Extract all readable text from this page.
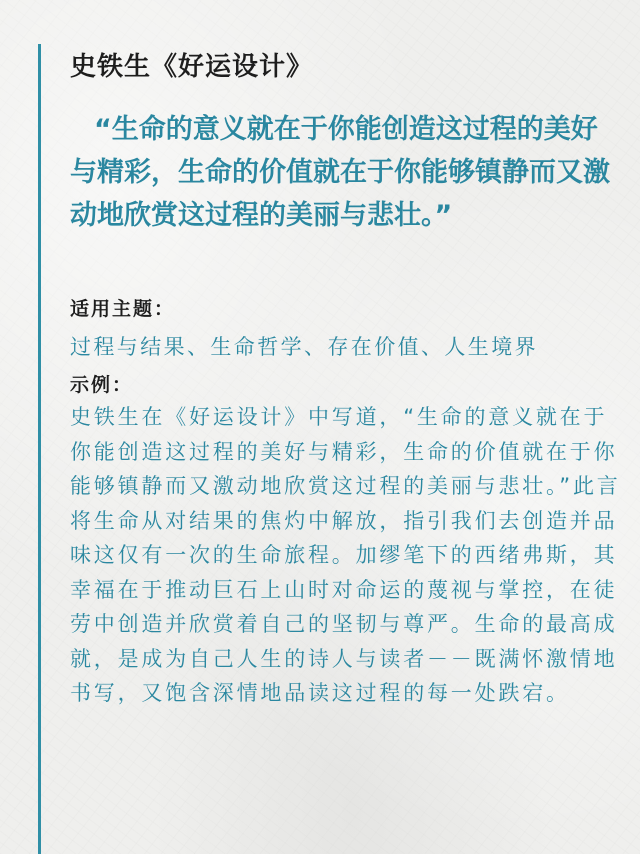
史铁生《好运设计》

“生命的意义就在于你能创造这过程的美好与精彩，生命的价值就在于你能够镇静而又激动地欣赏这过程的美丽与悲壮。”

适用主题：
过程与结果、生命哲学、存在价值、人生境界
示例：

史铁生在《好运设计》中写道，“生命的意义就在于你能创造这过程的美好与精彩，生命的价值就在于你能够镇静而又激动地欣赏这过程的美丽与悲壮。”此言将生命从对结果的焦灼中解放，指引我们去创造并品味这仅有一次的生命旅程。加缪笔下的西绪弗斯，其幸福在于推动巨石上山时对命运的蔑视与掌控，在徒劳中创造并欣赏着自己的坚韧与尊严。生命的最高成就，是成为自己人生的诗人与读者－－既满怀激情地书写，又饱含深情地品读这过程的每一处跌宕。
